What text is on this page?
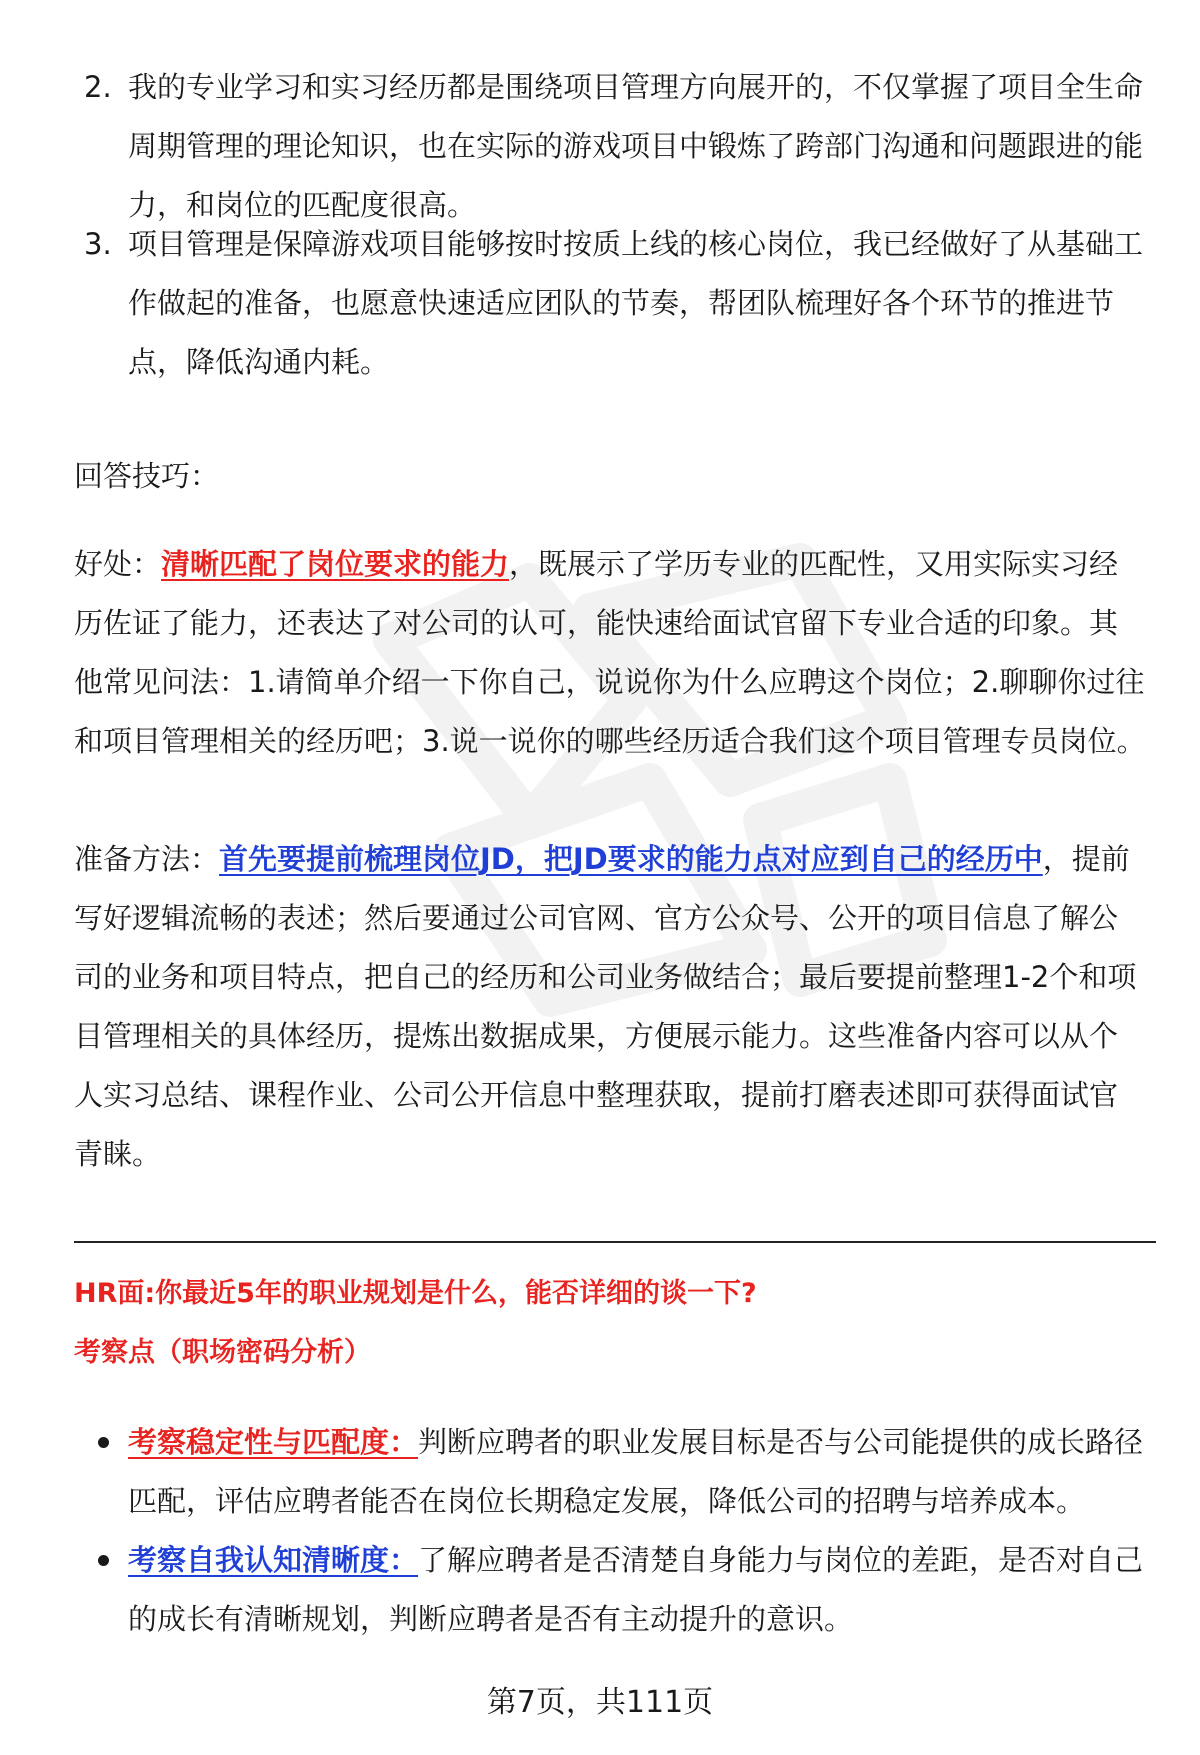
2. 我的专业学习和实习经历都是围绕项目管理方向展开的，不仅掌握了项目全生命周期管理的理论知识，也在实际的游戏项目中锻炼了跨部门沟通和问题跟进的能力，和岗位的匹配度很高。
3. 项目管理是保障游戏项目能够按时按质上线的核心岗位，我已经做好了从基础工作做起的准备，也愿意快速适应团队的节奏，帮团队梳理好各个环节的推进节点，降低沟通内耗。
回答技巧：
好处：清晰匹配了岗位要求的能力，既展示了学历专业的匹配性，又用实际实习经历佐证了能力，还表达了对公司的认可，能快速给面试官留下专业合适的印象。其他常见问法：1.请简单介绍一下你自己，说说你为什么应聘这个岗位；2.聊聊你过往和项目管理相关的经历吧；3.说一说你的哪些经历适合我们这个项目管理专员岗位。
准备方法：首先要提前梳理岗位JD，把JD要求的能力点对应到自己的经历中，提前写好逻辑流畅的表述；然后要通过公司官网、官方公众号、公开的项目信息了解公司的业务和项目特点，把自己的经历和公司业务做结合；最后要提前整理1-2个和项目管理相关的具体经历，提炼出数据成果，方便展示能力。这些准备内容可以从个人实习总结、课程作业、公司公开信息中整理获取，提前打磨表述即可获得面试官青睐。
HR面:你最近5年的职业规划是什么，能否详细的谈一下?
考察点（职场密码分析）
考察稳定性与匹配度：判断应聘者的职业发展目标是否与公司能提供的成长路径匹配，评估应聘者能否在岗位长期稳定发展，降低公司的招聘与培养成本。
考察自我认知清晰度：了解应聘者是否清楚自身能力与岗位的差距，是否对自己的成长有清晰规划，判断应聘者是否有主动提升的意识。
第7页，共111页
